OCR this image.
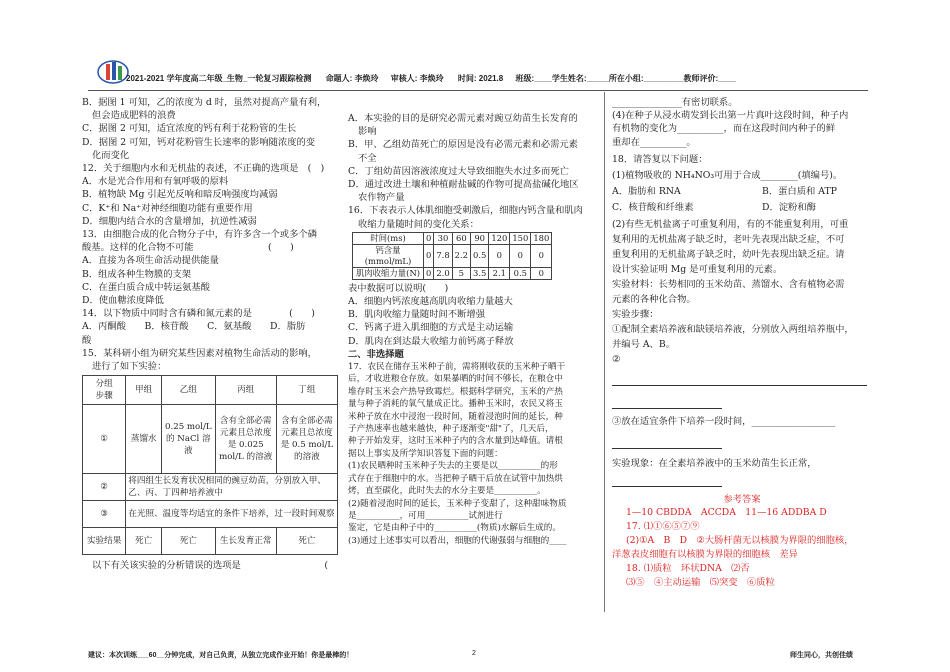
2021-2021 学年度高二年级_生物_一轮复习跟踪检测 命题人: 李焕玲 审核人: 李焕玲 时间: 2021.8 班级:____学生姓名:_____所在小组:_________教师评价:____

B．据图 1 可知，乙的浓度为 d 时，虽然对提高产量有利，

但会造成肥料的浪费

C．据图 2 可知，适宜浓度的钙有利于花粉管的生长

D．据图 2 可知，钙对花粉管生长速率的影响随浓度的变

化而变化

12．关于细胞内水和无机盐的表述，不正确的选项是　(　)

A．水是光合作用和有氧呼吸的原料

B．植物缺 Mg 引起光反响和暗反响强度均减弱

C．K⁺和 Na⁺对神经细胞功能有重要作用

D．细胞内结合水的含量增加，抗逆性减弱

13．由细胞合成的化合物分子中，有许多含一个或多个磷

酸基。这样的化合物不可能　　　　　　　　(　　)

A．直接为各项生命活动提供能量

B．组成各种生物膜的支架

C．在蛋白质合成中转运氨基酸

D．使血糖浓度降低

14．以下物质中同时含有磷和氮元素的是　　　　(　　)

A．丙酮酸　　B．核苷酸　　C．氨基酸　　D．脂肪

酸

15．某科研小组为研究某些因素对植物生命活动的影响，

进行了如下实验：

分组
步骤	甲组	乙组	丙组	丁组
①	蒸馏水	0.25 mol/L 的 NaCl 溶液	含有全部必需元素且总浓度是 0.025 mol/L 的溶液	含有全部必需元素且总浓度是 0.5 mol/L 的溶液
②	将四组生长发育状况相同的豌豆幼苗，分别放入甲、乙、丙、丁四种培养液中			
③	在光照、温度等均适宜的条件下培养，过一段时间观察			
实验结果	死亡	死亡	生长发育正常	死亡

以下有关该实验的分析错误的选项是　　　　　　　　　(

A．本实验的目的是研究必需元素对豌豆幼苗生长发育的

影响

B．甲、乙组幼苗死亡的原因是没有必需元素和必需元素

不全

C．丁组幼苗因溶液浓度过大导致细胞失水过多而死亡

D．通过改进土壤和种植耐盐碱的作物可提高盐碱化地区

农作物产量

16．下表表示人体肌细胞受刺激后，细胞内钙含量和肌肉

收缩力量随时间的变化关系：

时间(ms)	0	30	60	90	120	150	180
钙含量(mmol/mL)	0	7.8	2.2	0.5	0	0	0
肌肉收缩力量(N)	0	2.0	5	3.5	2.1	0.5	0

表中数据可以说明(　　)

A．细胞内钙浓度越高肌肉收缩力量越大

B．肌肉收缩力量随时间不断增强

C．钙离子进入肌细胞的方式是主动运输

D．肌肉在到达最大收缩力前钙离子释放

二、非选择题

17．农民在储存玉米种子前，需将刚收获的玉米种子晒干

后，才收进粮仓存放。如果暴晒的时间不够长，在粮仓中

堆存时玉米会产热导致霉烂。根据科学研究，玉米的产热

量与种子消耗的氧气量成正比。播种玉米时，农民又将玉

米种子放在水中浸泡一段时间，随着浸泡时间的延长，种

子产热速率也越来越快，种子逐渐变"甜"了，几天后，

种子开始发芽，这时玉米种子内的含水量到达峰值。请根

据以上事实及所学知识答复下面的问题：

(1)农民晒种时玉米种子失去的主要是以__________的形

式存在于细胞中的水。当把种子晒干后放在试管中加热烘

烤，直至碳化，此时失去的水分主要是__________。

(2)随着浸泡时间的延长，玉米种子变甜了，这种甜味物质

是__________，可用__________试剂进行

鉴定，它是由种子中的__________(物质)水解后生成的。

(3)通过上述事实可以看出，细胞的代谢强弱与细胞的____

_______________有密切联系。

(4)在种子从浸水萌发到长出第一片真叶这段时间，种子内

有机物的变化为__________，而在这段时间内种子的鲜

重却在__________。

18．请答复以下问题：

(1)植物吸收的 NH₄NO₃可用于合成________(填编号)。

A．脂肪和 RNA	B．蛋白质和 ATP
C．核苷酸和纤维素	D．淀粉和酶

(2)有些无机盐离子可重复利用，有的不能重复利用，可重

复利用的无机盐离子缺乏时，老叶先表现出缺乏症，不可

重复利用的无机盐离子缺乏时，幼叶先表现出缺乏症。请

设计实验证明 Mg 是可重复利用的元素。

实验材料：长势相同的玉米幼苗、蒸馏水、含有植物必需

元素的各种化合物。

实验步骤：

①配制全素培养液和缺镁培养液，分别放入两组培养瓶中，

并编号 A、B。

②

③放在适宜条件下培养一段时间，__________________

实验现象：在全素培养液中的玉米幼苗生长正常，

参考答案

1—10 CBDDA　ACCDA　11—16 ADDBA D

17. ⑴①⑥⑤⑦⑨

(2)①A　B　D　②大肠杆菌无以核膜为界限的细胞核，

洋葱表皮细胞有以核膜为界限的细胞核　差异

18. ⑴质粒　环状DNA　⑵否

⑶⑤　④主动运输　⑸突变　⑥质粒

建议：本次训练___60__分钟完成，对自己负责，从独立完成作业开始！你是最棒的！	2	师生同心，共创佳绩
